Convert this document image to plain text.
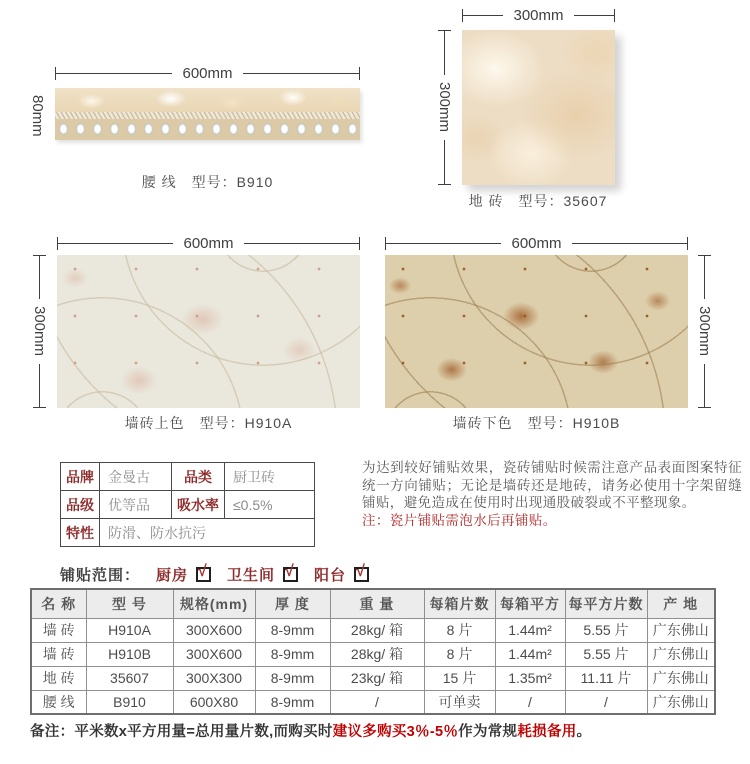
600mm
80mm
腰 线　型号：B910
300mm
300mm
地 砖　型号：35607
600mm
300mm
墙砖上色　型号：H910A
600mm
300mm
墙砖下色　型号：H910B
品牌	金曼古	品类	厨卫砖
品级	优等品	吸水率	≤0.5%
特性	防滑、防水抗污		
为达到较好铺贴效果，瓷砖铺贴时候需注意产品表面图案特征统一方向铺贴；无论是墙砖还是地砖，请务必使用十字架留缝铺贴，避免造成在使用时出现通股破裂或不平整现象。
注：瓷片铺贴需泡水后再铺贴。
铺贴范围： 厨房 √ 卫生间 √ 阳台 √
名 称	型 号	规格(mm)	厚 度	重 量	每箱片数	每箱平方	每平方片数	产 地
墙 砖	H910A	300X600	8-9mm	28kg/ 箱	8 片	1.44m²	5.55 片	广东佛山
墙 砖	H910B	300X600	8-9mm	28kg/ 箱	8 片	1.44m²	5.55 片	广东佛山
地 砖	35607	300X300	8-9mm	23kg/ 箱	15 片	1.35m²	11.11 片	广东佛山
腰 线	B910	600X80	8-9mm	/	可单卖	/	/	广东佛山
备注：平米数x平方用量=总用量片数,而购买时建议多购买3％-5％作为常规耗损备用。
